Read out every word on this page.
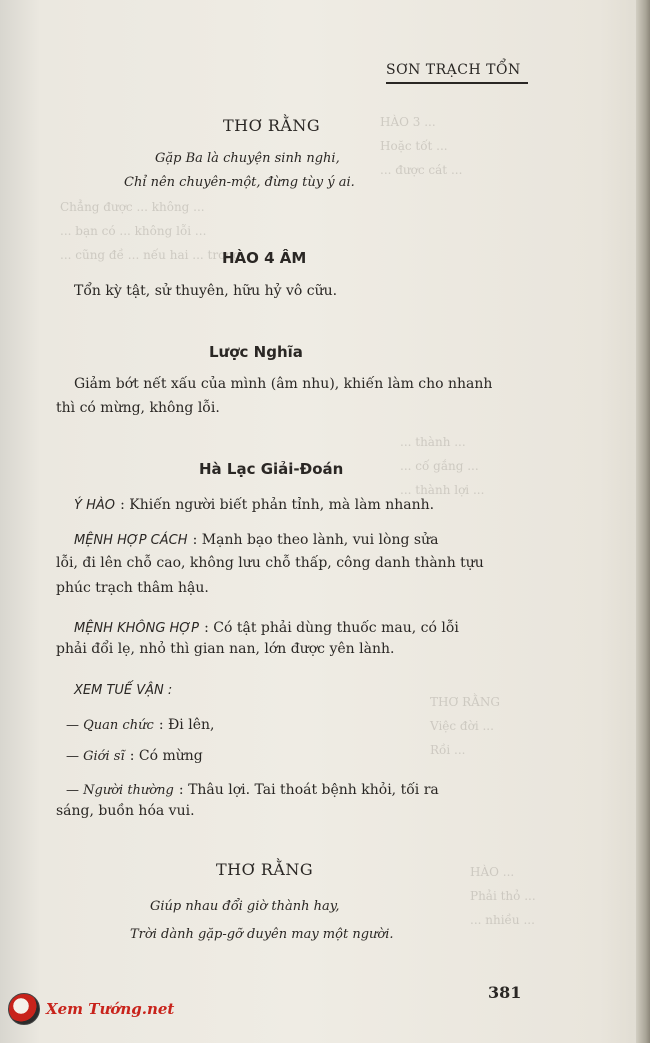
HÀO 3 ...
Hoặc tốt ...
... được cát ...
Chẳng được ... không ...
... bạn có ... không lỗi ...
... cũng đề ... nếu hai ... trong
... thành ...
... cố gắng ...
... thành lợi ...
THƠ RẰNG
Việc đời ...
Rồi ...
HÀO ...
Phải thỏ ...
... nhiều ...
SƠN TRẠCH TỔN
THƠ RẰNG
Gặp Ba là chuyện sinh nghi,
Chỉ nên chuyên-một, đừng tùy ý ai.
HÀO 4 ÂM
Tổn kỳ tật, sử thuyên, hữu hỷ vô cữu.
Lược Nghĩa
Giảm bớt nết xấu của mình (âm nhu), khiến làm cho nhanh
thì có mừng, không lỗi.
Hà Lạc Giải-Đoán
Ý HÀO : Khiến người biết phản tỉnh, mà làm nhanh.
MỆNH HỢP CÁCH : Mạnh bạo theo lành, vui lòng sửa
lỗi, đi lên chỗ cao, không lưu chỗ thấp, công danh thành tựu
phúc trạch thâm hậu.
MỆNH KHÔNG HỢP : Có tật phải dùng thuốc mau, có lỗi
phải đổi lẹ, nhỏ thì gian nan, lớn được yên lành.
XEM TUẾ VẬN :
— Quan chức : Đi lên,
— Giới sĩ : Có mừng
— Người thường : Thâu lợi. Tai thoát bệnh khỏi, tối ra
sáng, buồn hóa vui.
THƠ RẰNG
Giúp nhau đổi giờ thành hay,
Trời dành gặp-gỡ duyên may một người.
381
Xem Tướng.net
